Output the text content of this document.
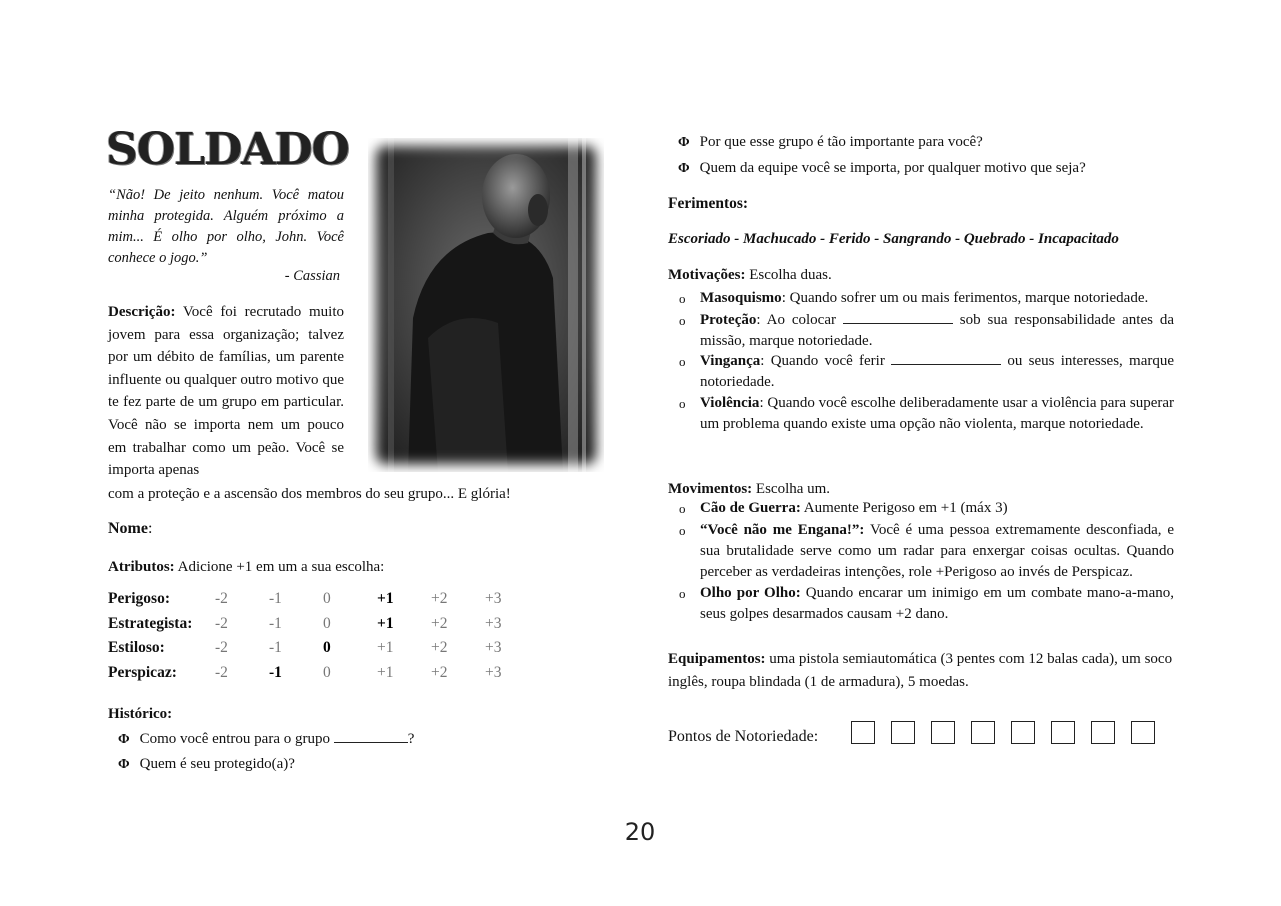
SOLDADO
“Não! De jeito nenhum. Você matou minha protegida. Alguém próximo a mim... É olho por olho, John. Você conhece o jogo.”
- Cassian
Descrição: Você foi recrutado muito jovem para essa organização; talvez por um débito de famílias, um parente influente ou qualquer outro motivo que te fez parte de um grupo em particular. Você não se importa nem um pouco em trabalhar como um peão. Você se importa apenas
com a proteção e a ascensão dos membros do seu grupo... E glória!
Nome:
Atributos: Adicione +1 em um a sua escolha:
Perigoso:	-2	-1	0	+1 +2 +3
Estrategista: -2	-1	0	+1 +2 +3
Estiloso:	-2	-1	0	+1 +2 +3
Perspicaz: -2	-1	0	+1 +2 +3
Histórico:
Φ Como você entrou para o grupo	?
Φ Quem é seu protegido(a)?
Φ Por que esse grupo é tão importante para você?
Φ Quem da equipe você se importa, por qualquer motivo que seja?
Ferimentos:
Escoriado - Machucado - Ferido - Sangrando - Quebrado - Incapacitado
Motivações: Escolha duas.
o Masoquismo: Quando sofrer um ou mais ferimentos, marque notoriedade.
o Proteção: Ao colocar	sob sua responsabilidade antes da missão, marque notoriedade.
o Vingança: Quando você ferir	ou seus interesses, marque notoriedade.
o Violência: Quando você escolhe deliberadamente usar a violência para superar um problema quando existe uma opção não violenta, marque notoriedade.
Movimentos: Escolha um.
o Cão de Guerra: Aumente Perigoso em +1 (máx 3)
o “Você não me Engana!”: Você é uma pessoa extremamente desconfiada, e sua brutalidade serve como um radar para enxergar coisas ocultas. Quando perceber as verdadeiras intenções, role +Perigoso ao invés de Perspicaz.
o Olho por Olho: Quando encarar um inimigo em um combate mano-a-mano, seus golpes desarmados causam +2 dano.
Equipamentos: uma pistola semiautomática (3 pentes com 12 balas cada), um soco inglês, roupa blindada (1 de armadura), 5 moedas.
Pontos de Notoriedade:
20
